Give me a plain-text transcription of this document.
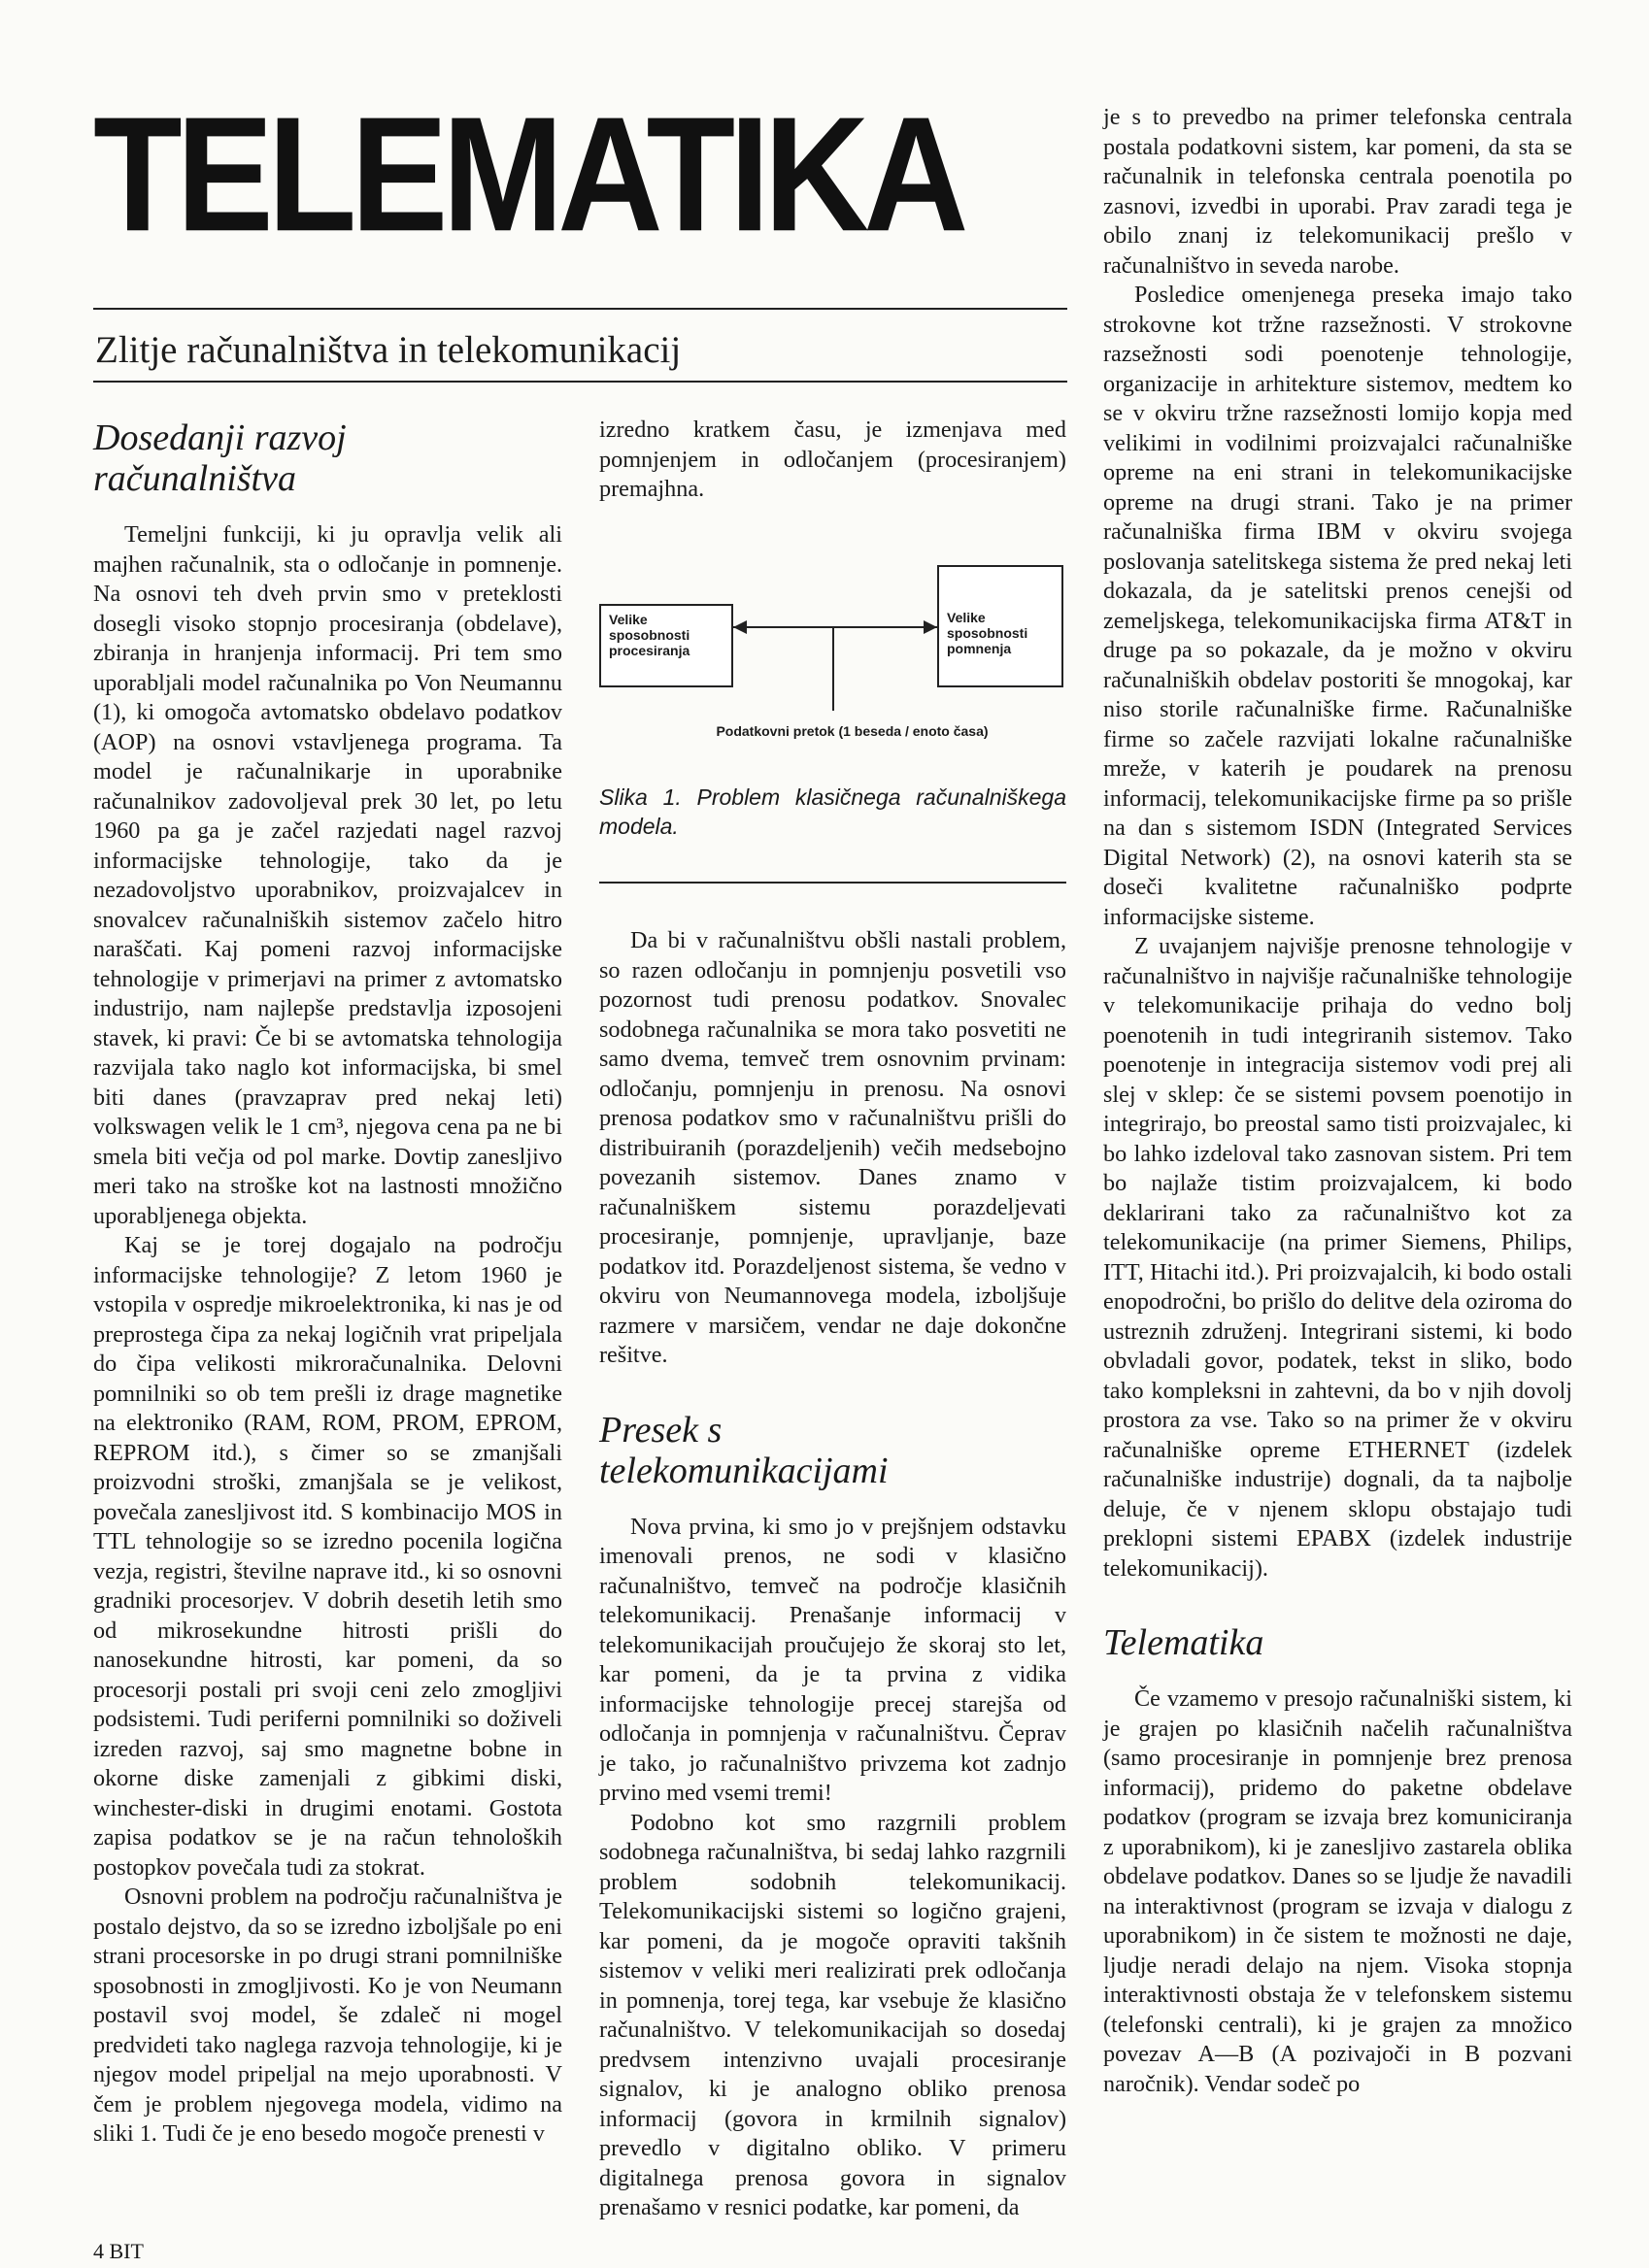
TELEMATIKA
Zlitje računalništva in telekomunikacij
Dosedanji razvoj računalništva

Temeljni funkciji, ki ju opravlja velik ali majhen računalnik, sta o odločanje in pomnenje. Na osnovi teh dveh prvin smo v preteklosti dosegli visoko stopnjo procesiranja (obdelave), zbiranja in hranjenja informacij. Pri tem smo uporabljali model računalnika po Von Neumannu (1), ki omogoča avtomatsko obdelavo podatkov (AOP) na osnovi vstavljenega programa. Ta model je računalnikarje in uporabnike računalnikov zadovoljeval prek 30 let, po letu 1960 pa ga je začel razjedati nagel razvoj informacijske tehnologije, tako da je nezadovoljstvo uporabnikov, proizvajalcev in snovalcev računalniških sistemov začelo hitro naraščati. Kaj pomeni razvoj informacijske tehnologije v primerjavi na primer z avtomatsko industrijo, nam najlepše predstavlja izposojeni stavek, ki pravi: Če bi se avtomatska tehnologija razvijala tako naglo kot informacijska, bi smel biti danes (pravzaprav pred nekaj leti) volkswagen velik le 1 cm³, njegova cena pa ne bi smela biti večja od pol marke. Dovtip zanesljivo meri tako na stroške kot na lastnosti množično uporabljenega objekta.

Kaj se je torej dogajalo na področju informacijske tehnologije? Z letom 1960 je vstopila v ospredje mikroelektronika, ki nas je od preprostega čipa za nekaj logičnih vrat pripeljala do čipa velikosti mikroračunalnika. Delovni pomnilniki so ob tem prešli iz drage magnetike na elektroniko (RAM, ROM, PROM, EPROM, REPROM itd.), s čimer so se zmanjšali proizvodni stroški, zmanjšala se je velikost, povečala zanesljivost itd. S kombinacijo MOS in TTL tehnologije so se izredno pocenila logična vezja, registri, številne naprave itd., ki so osnovni gradniki procesorjev. V dobrih desetih letih smo od mikrosekundne hitrosti prišli do nanosekundne hitrosti, kar pomeni, da so procesorji postali pri svoji ceni zelo zmogljivi podsistemi. Tudi periferni pomnilniki so doživeli izreden razvoj, saj smo magnetne bobne in okorne diske zamenjali z gibkimi diski, winchester-diski in drugimi enotami. Gostota zapisa podatkov se je na račun tehnoloških postopkov povečala tudi za stokrat.

Osnovni problem na področju računalništva je postalo dejstvo, da so se izredno izboljšale po eni strani procesorske in po drugi strani pomnilniške sposobnosti in zmogljivosti. Ko je von Neumann postavil svoj model, še zdaleč ni mogel predvideti tako naglega razvoja tehnologije, ki je njegov model pripeljal na mejo uporabnosti. V čem je problem njegovega modela, vidimo na sliki 1. Tudi če je eno besedo mogoče prenesti v

izredno kratkem času, je izmenjava med pomnjenjem in odločanjem (procesiranjem) premajhna.

Velike sposobnosti procesiranja
Velike sposobnosti pomnenja
Podatkovni pretok (1 beseda / enoto časa)
Slika 1. Problem klasičnega računalniškega modela.

Da bi v računalništvu obšli nastali problem, so razen odločanju in pomnjenju posvetili vso pozornost tudi prenosu podatkov. Snovalec sodobnega računalnika se mora tako posvetiti ne samo dvema, temveč trem osnovnim prvinam: odločanju, pomnjenju in prenosu. Na osnovi prenosa podatkov smo v računalništvu prišli do distribuiranih (porazdeljenih) večih medsebojno povezanih sistemov. Danes znamo v računalniškem sistemu porazdeljevati procesiranje, pomnjenje, upravljanje, baze podatkov itd. Porazdeljenost sistema, še vedno v okviru von Neumannovega modela, izboljšuje razmere v marsičem, vendar ne daje dokončne rešitve.

Presek s telekomunikacijami

Nova prvina, ki smo jo v prejšnjem odstavku imenovali prenos, ne sodi v klasično računalništvo, temveč na področje klasičnih telekomunikacij. Prenašanje informacij v telekomunikacijah proučujejo že skoraj sto let, kar pomeni, da je ta prvina z vidika informacijske tehnologije precej starejša od odločanja in pomnjenja v računalništvu. Čeprav je tako, jo računalništvo privzema kot zadnjo prvino med vsemi tremi!

Podobno kot smo razgrnili problem sodobnega računalništva, bi sedaj lahko razgrnili problem sodobnih telekomunikacij. Telekomunikacijski sistemi so logično grajeni, kar pomeni, da je mogoče opraviti takšnih sistemov v veliki meri realizirati prek odločanja in pomnenja, torej tega, kar vsebuje že klasično računalništvo. V telekomunikacijah so dosedaj predvsem intenzivno uvajali procesiranje signalov, ki je analogno obliko prenosa informacij (govora in krmilnih signalov) prevedlo v digitalno obliko. V primeru digitalnega prenosa govora in signalov prenašamo v resnici podatke, kar pomeni, da

je s to prevedbo na primer telefonska centrala postala podatkovni sistem, kar pomeni, da sta se računalnik in telefonska centrala poenotila po zasnovi, izvedbi in uporabi. Prav zaradi tega je obilo znanj iz telekomunikacij prešlo v računalništvo in seveda narobe.

Posledice omenjenega preseka imajo tako strokovne kot tržne razsežnosti. V strokovne razsežnosti sodi poenotenje tehnologije, organizacije in arhitekture sistemov, medtem ko se v okviru tržne razsežnosti lomijo kopja med velikimi in vodilnimi proizvajalci računalniške opreme na eni strani in telekomunikacijske opreme na drugi strani. Tako je na primer računalniška firma IBM v okviru svojega poslovanja satelitskega sistema že pred nekaj leti dokazala, da je satelitski prenos cenejši od zemeljskega, telekomunikacijska firma AT&T in druge pa so pokazale, da je možno v okviru računalniških obdelav postoriti še mnogokaj, kar niso storile računalniške firme. Računalniške firme so začele razvijati lokalne računalniške mreže, v katerih je poudarek na prenosu informacij, telekomunikacijske firme pa so prišle na dan s sistemom ISDN (Integrated Services Digital Network) (2), na osnovi katerih sta se doseči kvalitetne računalniško podprte informacijske sisteme.

Z uvajanjem najvišje prenosne tehnologije v računalništvo in najvišje računalniške tehnologije v telekomunikacije prihaja do vedno bolj poenotenih in tudi integriranih sistemov. Tako poenotenje in integracija sistemov vodi prej ali slej v sklep: če se sistemi povsem poenotijo in integrirajo, bo preostal samo tisti proizvajalec, ki bo lahko izdeloval tako zasnovan sistem. Pri tem bo najlaže tistim proizvajalcem, ki bodo deklarirani tako za računalništvo kot za telekomunikacije (na primer Siemens, Philips, ITT, Hitachi itd.). Pri proizvajalcih, ki bodo ostali enopodročni, bo prišlo do delitve dela oziroma do ustreznih združenj. Integrirani sistemi, ki bodo obvladali govor, podatek, tekst in sliko, bodo tako kompleksni in zahtevni, da bo v njih dovolj prostora za vse. Tako so na primer že v okviru računalniške opreme ETHERNET (izdelek računalniške industrije) dognali, da ta najbolje deluje, če v njenem sklopu obstajajo tudi preklopni sistemi EPABX (izdelek industrije telekomunikacij).

Telematika

Če vzamemo v presojo računalniški sistem, ki je grajen po klasičnih načelih računalništva (samo procesiranje in pomnjenje brez prenosa informacij), pridemo do paketne obdelave podatkov (program se izvaja brez komuniciranja z uporabnikom), ki je zanesljivo zastarela oblika obdelave podatkov. Danes so se ljudje že navadili na interaktivnost (program se izvaja v dialogu z uporabnikom) in če sistem te možnosti ne daje, ljudje neradi delajo na njem. Visoka stopnja interaktivnosti obstaja že v telefonskem sistemu (telefonski centrali), ki je grajen za množico povezav A—B (A pozivajoči in B pozvani naročnik). Vendar sodeč po

4 BIT
